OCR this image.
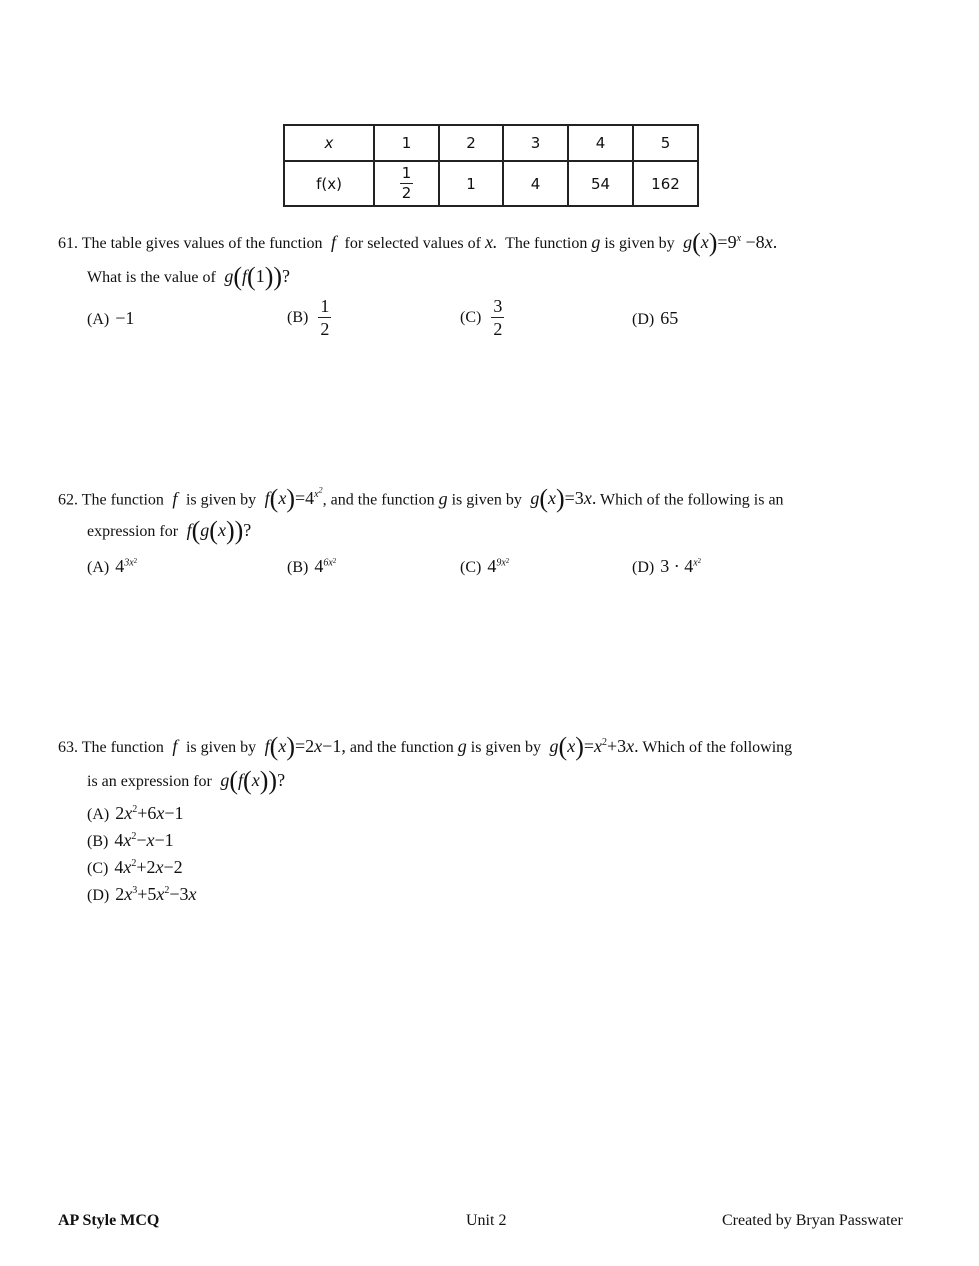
x	1	2	3	4	5
f(x)	$\frac{1}{2}$	1	4	54	162
61. The table gives values of the function  f  for selected values of x. The function g is given by $g(x)=9^x -8x$.
What is the value of g(f(1))?
(A) −1	$(B) \frac{1}{2}$	$(C) \frac{3}{2}$	(D) 65
62. The function  f  is given by $f(x)=4^{x^2}$, and the function g is given by g(x)=3x. Which of the following is an
expression for f(g(x))?
(A) $4^{3x2}$	(B) $4^{6x2}$	(C) $4^{9x2}$	(D) $3 \cdot 4^{x2}$
63. The function  f  is given by f(x)=2x−1, and the function g is given by $g(x)=x^2+3x$. Which of the following
is an expression for g(f(x))?
(A) $2x^2+6x-1$
(B) $4x^2-x-1$
(C) $4x^2+2x-2$
(D) $2x^3+5x^2-3x$
AP Style MCQ	Unit 2	Created by Bryan Passwater
